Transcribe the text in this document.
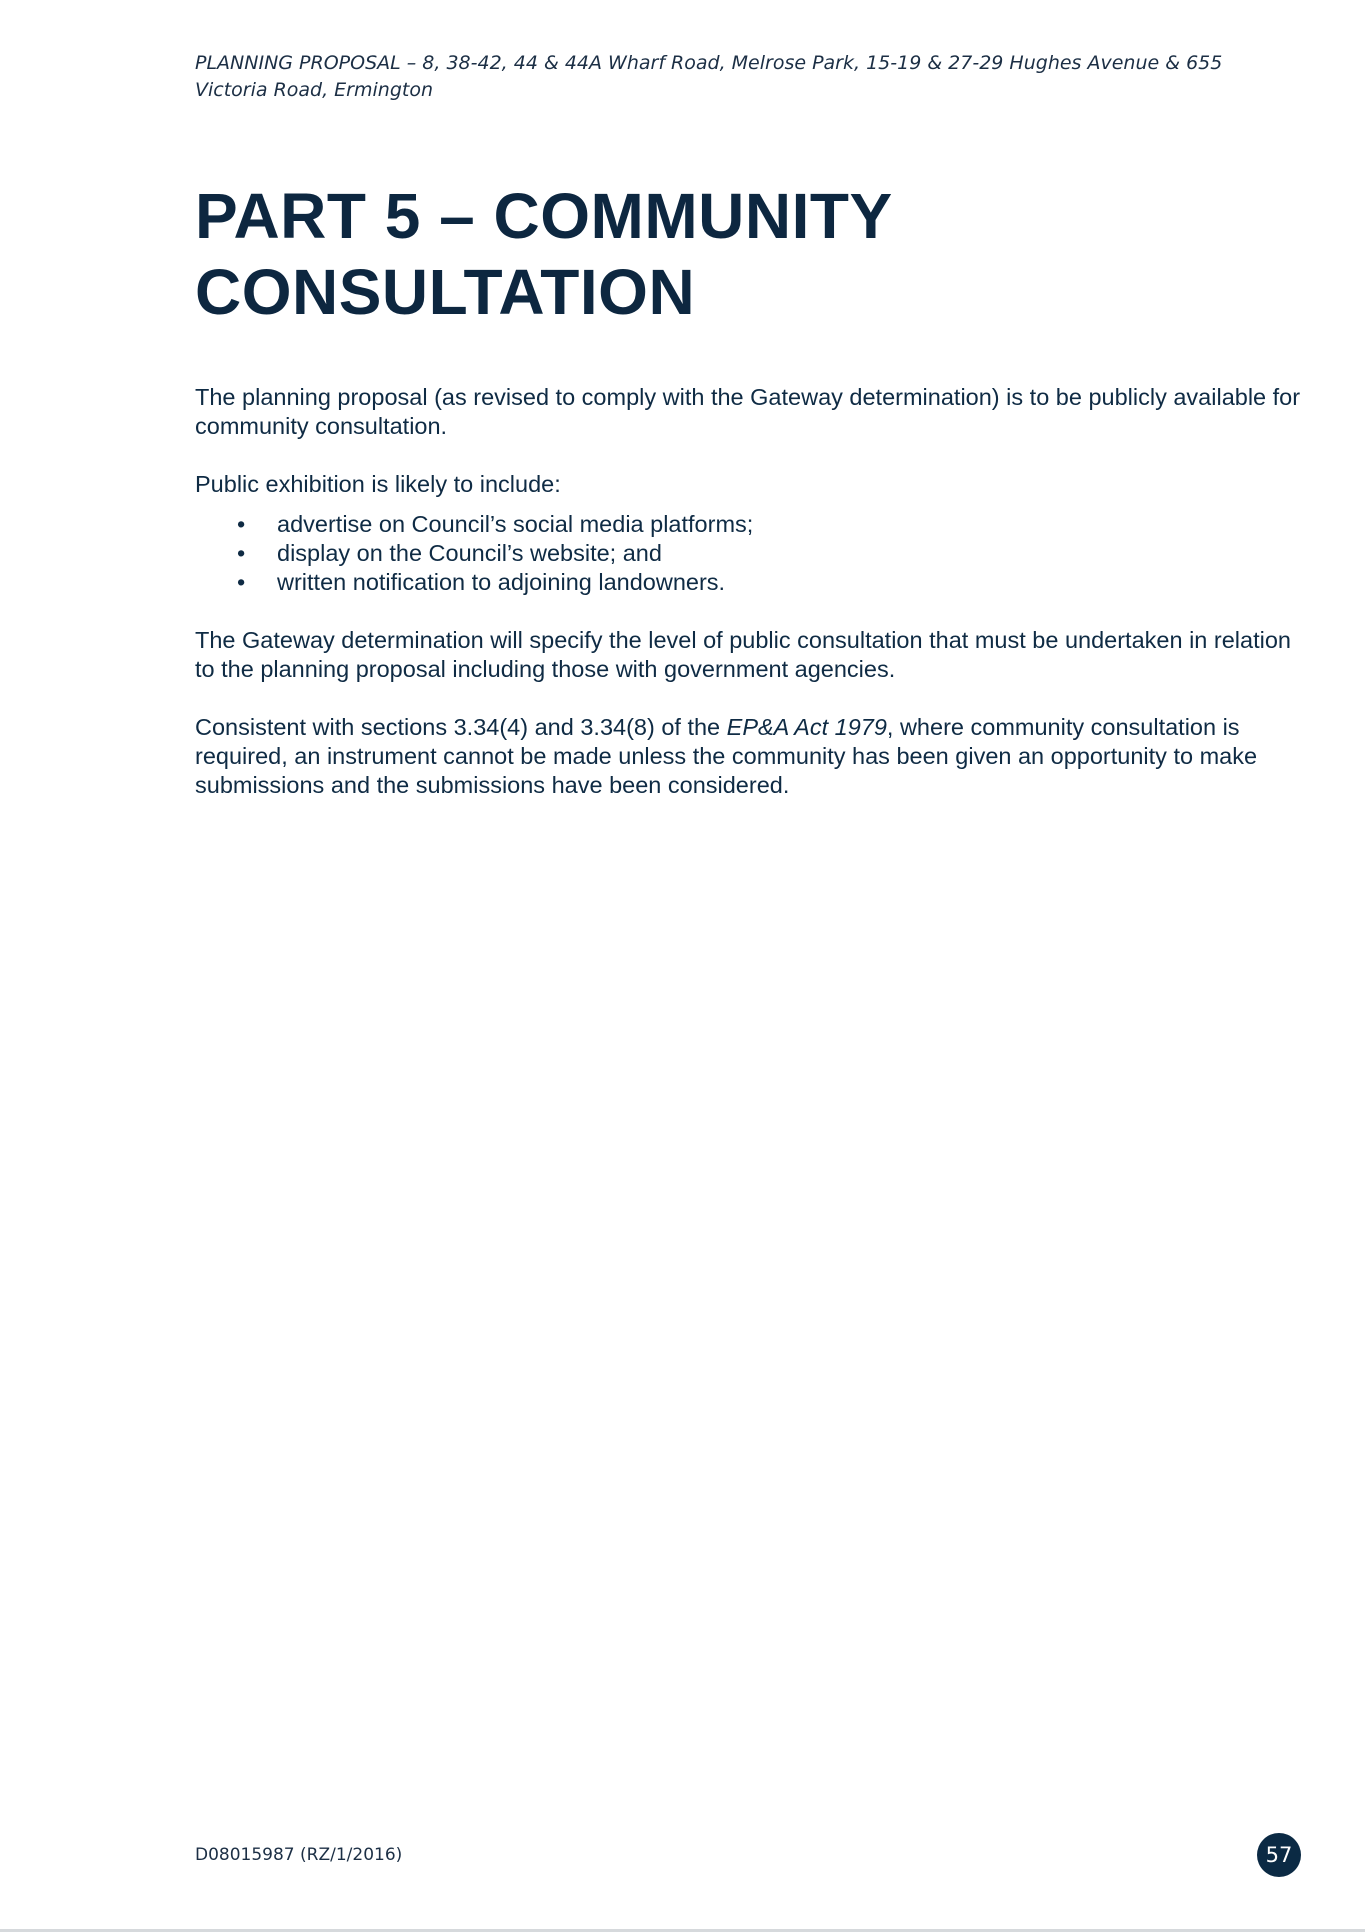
PLANNING PROPOSAL – 8, 38-42, 44 & 44A Wharf Road, Melrose Park, 15-19 & 27-29 Hughes Avenue & 655 Victoria Road, Ermington
PART 5 – COMMUNITY
CONSULTATION

The planning proposal (as revised to comply with the Gateway determination) is to be publicly available for community consultation.

Public exhibition is likely to include:

• advertise on Council’s social media platforms;
• display on the Council’s website; and
• written notification to adjoining landowners.

The Gateway determination will specify the level of public consultation that must be undertaken in relation to the planning proposal including those with government agencies.

Consistent with sections 3.34(4) and 3.34(8) of the EP&A Act 1979, where community consultation is required, an instrument cannot be made unless the community has been given an opportunity to make submissions and the submissions have been considered.

D08015987 (RZ/1/2016)	57
